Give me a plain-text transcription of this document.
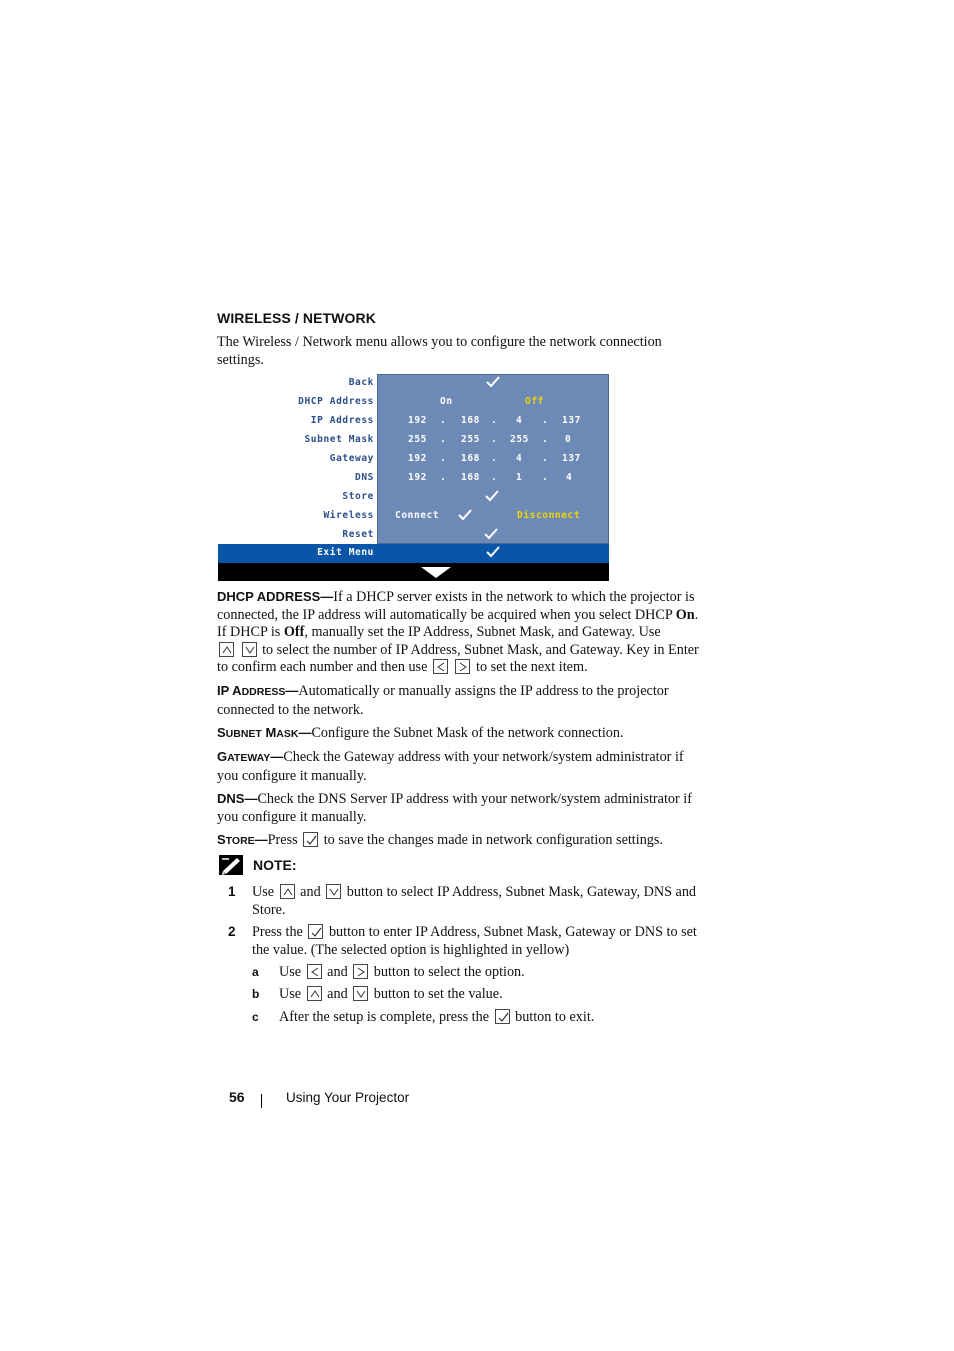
WIRELESS / NETWORK
The Wireless / Network menu allows you to configure the network connection settings.
Back
DHCP Address	On	Off
IP Address	192 . 168 . 4 . 137
Subnet Mask	255 . 255 . 255 . 0
Gateway	192 . 168 . 4 . 137
DNS	192 . 168 . 1 . 4
Store
Wireless Connect	Disconnect
Reset
Exit Menu
DHCP ADDRESS—If a DHCP server exists in the network to which the projector is connected, the IP address will automatically be acquired when you select DHCP On. If DHCP is Off, manually set the IP Address, Subnet Mask, and Gateway. Use

to select the number of IP Address, Subnet Mask, and Gateway. Key in Enter to confirm each number and then use
	to set the next item.
IP ADDRESS—Automatically or manually assigns the IP address to the projector connected to the network.
SUBNET MASK—Configure the Subnet Mask of the network connection.
GATEWAY—Check the Gateway address with your network/system administrator if you configure it manually.
DNS—Check the DNS Server IP address with your network/system administrator if you configure it manually.
STORE—Press to save the changes made in network configuration settings.
NOTE:
1 Use and button to select IP Address, Subnet Mask, Gateway, DNS and Store.
2 Press the button to enter IP Address, Subnet Mask, Gateway or DNS to set the value. (The selected option is highlighted in yellow)
a Use and button to select the option.
b Use and button to set the value.
c After the setup is complete, press the button to exit.
56	Using Your Projector
